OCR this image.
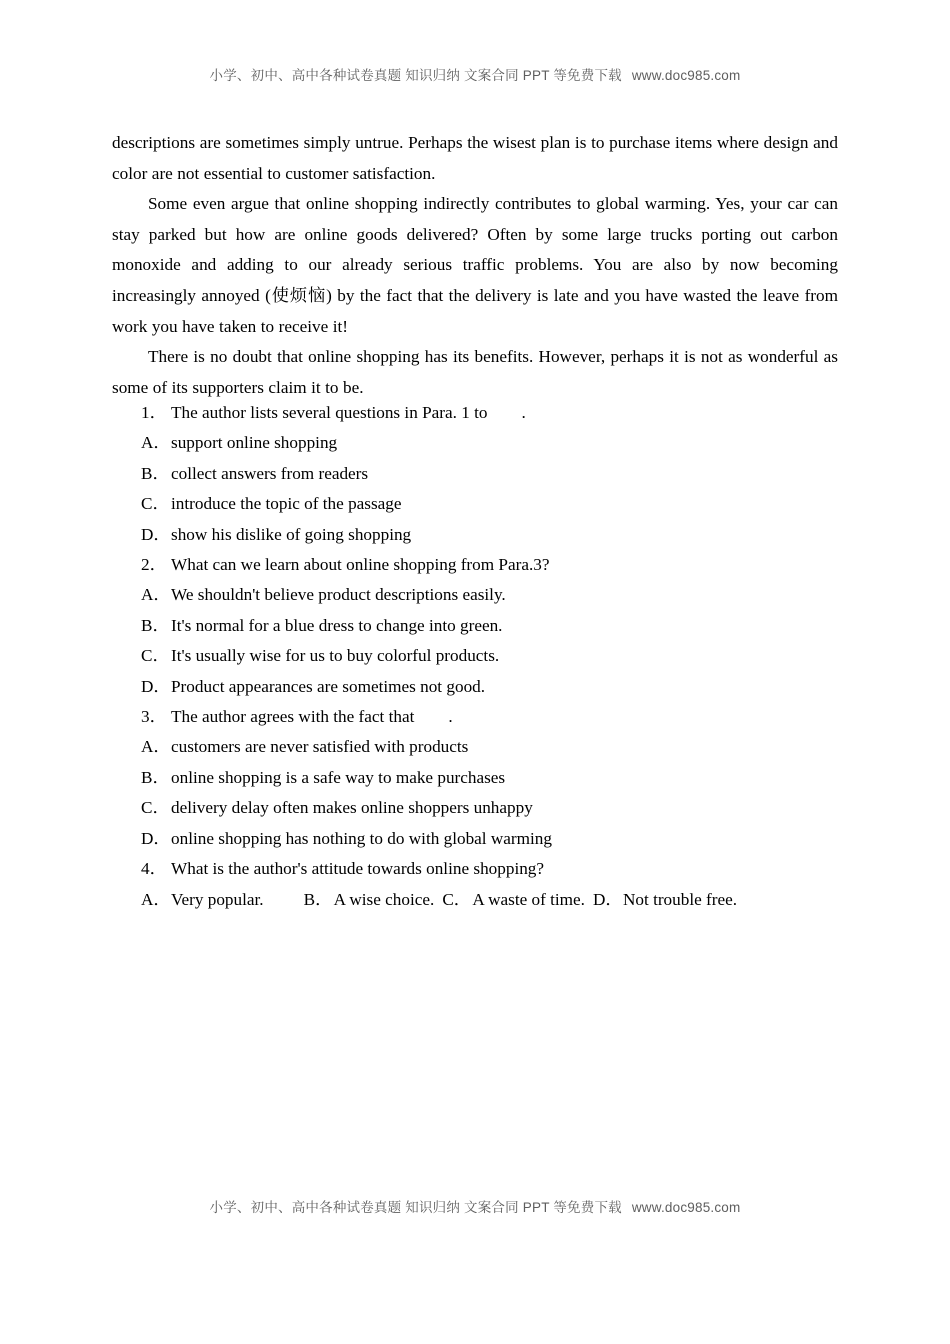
小学、初中、高中各种试卷真题 知识归纳 文案合同 PPT 等免费下载 www.doc985.com

descriptions are sometimes simply untrue. Perhaps the wisest plan is to purchase items where design and color are not essential to customer satisfaction.

Some even argue that online shopping indirectly contributes to global warming. Yes, your car can stay parked but how are online goods delivered? Often by some large trucks porting out carbon monoxide and adding to our already serious traffic problems. You are also by now becoming increasingly annoyed (使烦恼) by the fact that the delivery is late and you have wasted the leave from work you have taken to receive it!

There is no doubt that online shopping has its benefits. However, perhaps it is not as wonderful as some of its supporters claim it to be.

1． The author lists several questions in Para. 1 to .
A．support online shopping
B．collect answers from readers
C．introduce the topic of the passage
D．show his dislike of going shopping
2． What can we learn about online shopping from Para.3?
A．We shouldn't believe product descriptions easily.
B．It's normal for a blue dress to change into green.
C．It's usually wise for us to buy colorful products.
D．Product appearances are sometimes not good.
3． The author agrees with the fact that .
A．customers are never satisfied with products
B．online shopping is a safe way to make purchases
C．delivery delay often makes online shoppers unhappy
D．online shopping has nothing to do with global warming
4． What is the author's attitude towards online shopping?
A．Very popular. B．A wise choice. C．A waste of time. D．Not trouble free.
小学、初中、高中各种试卷真题 知识归纳 文案合同 PPT 等免费下载 www.doc985.com
